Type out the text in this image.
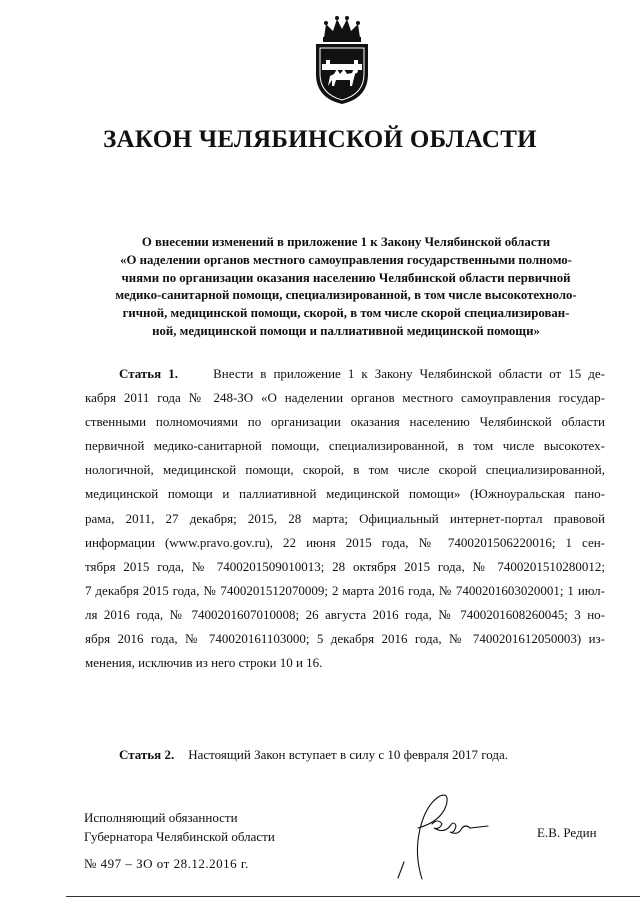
ЗАКОН ЧЕЛЯБИНСКОЙ ОБЛАСТИ
О внесении изменений в приложение 1 к Закону Челябинской области
«О наделении органов местного самоуправления государственными полномо-
чиями по организации оказания населению Челябинской области первичной
медико-санитарной помощи, специализированной, в том числе высокотехноло-
гичной, медицинской помощи, скорой, в том числе скорой специализирован-
ной, медицинской помощи и паллиативной медицинской помощи»
Статья 1.	Внести в приложение 1 к Закону Челябинской области от 15 де-
кабря 2011 года № 248-ЗО «О наделении органов местного самоуправления государ-
ственными полномочиями по организации оказания населению Челябинской области
первичной медико-санитарной помощи, специализированной, в том числе высокотех-
нологичной, медицинской помощи, скорой, в том числе скорой специализированной,
медицинской помощи и паллиативной медицинской помощи» (Южноуральская пано-
рама, 2011, 27 декабря; 2015, 28 марта; Официальный интернет-портал правовой
информации (www.pravo.gov.ru), 22 июня 2015 года, № 7400201506220016; 1 сен-
тября 2015 года, № 7400201509010013; 28 октября 2015 года, № 7400201510280012;
7 декабря 2015 года, № 7400201512070009; 2 марта 2016 года, № 7400201603020001; 1 июл-
ля 2016 года, № 7400201607010008; 26 августа 2016 года, № 7400201608260045; 3 но-
ября 2016 года, № 740020161103000; 5 декабря 2016 года, № 7400201612050003) из-
менения, исключив из него строки 10 и 16.
Статья 2. Настоящий Закон вступает в силу с 10 февраля 2017 года.
Исполняющий обязанности
Губернатора Челябинской области	Е.В. Редин
№ 497 – ЗО от 28.12.2016 г.
